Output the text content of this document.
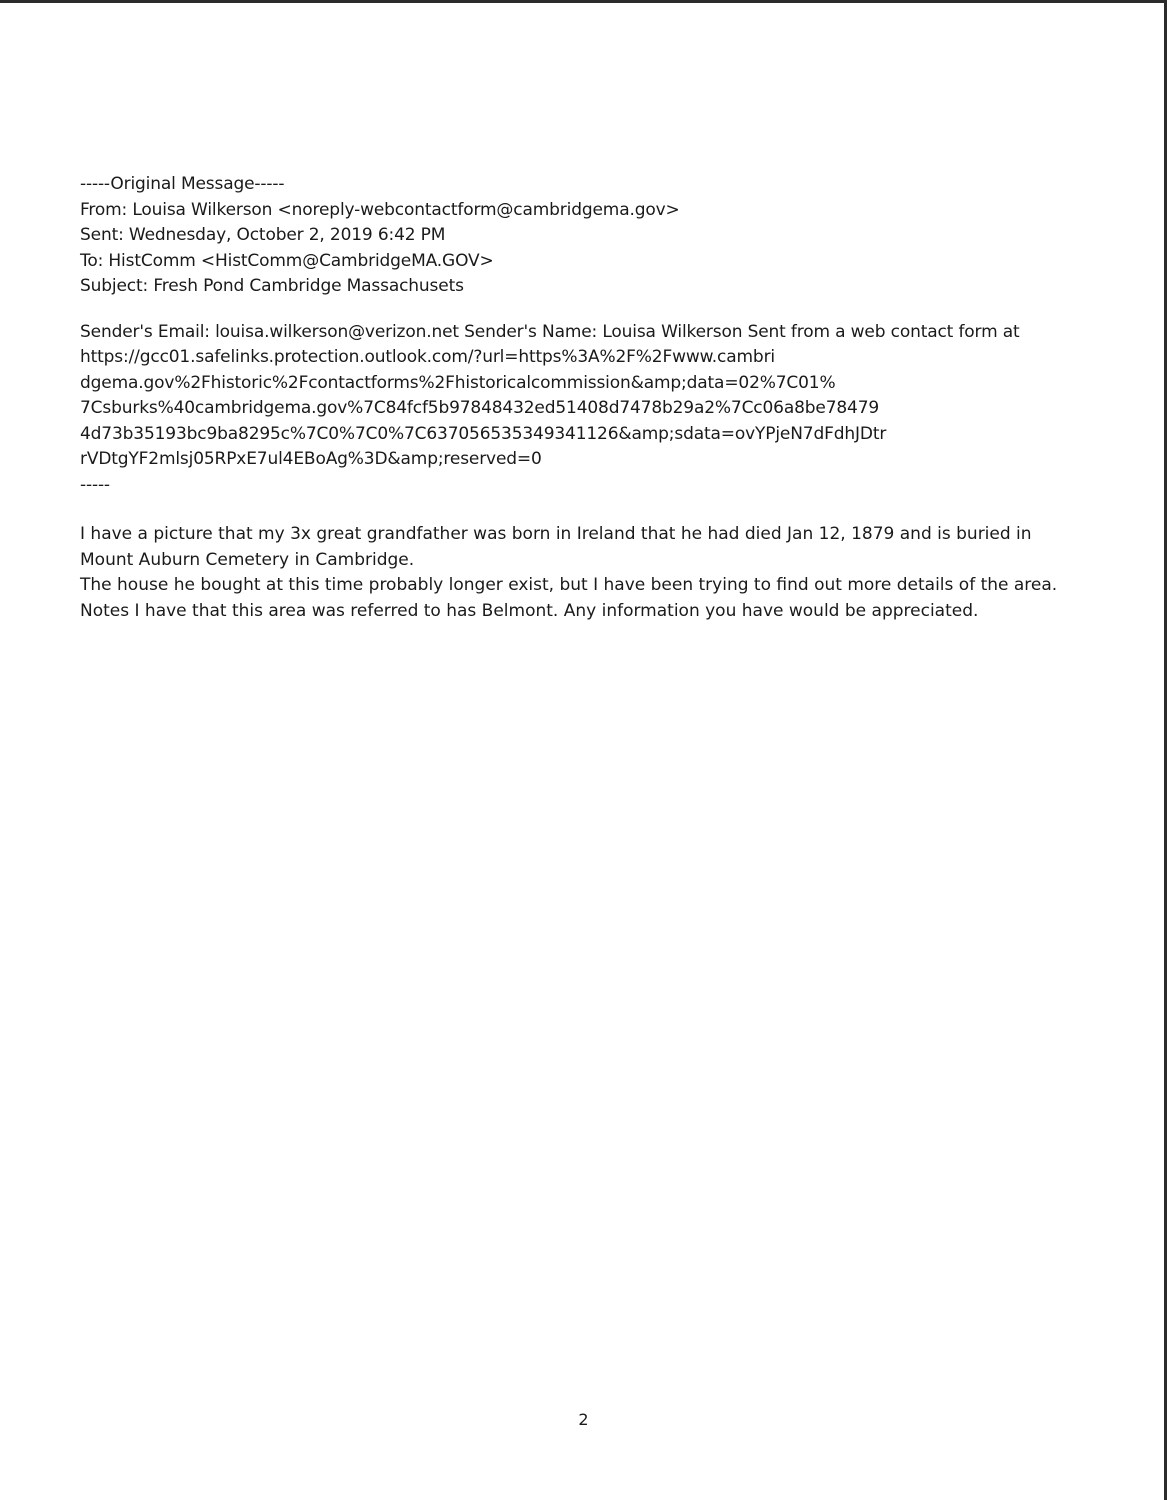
-----Original Message-----
From: Louisa Wilkerson <noreply-webcontactform@cambridgema.gov>
Sent: Wednesday, October 2, 2019 6:42 PM
To: HistComm <HistComm@CambridgeMA.GOV>
Subject: Fresh Pond Cambridge Massachusets
Sender's Email: louisa.wilkerson@verizon.net Sender's Name: Louisa Wilkerson Sent from a web contact form at
https://gcc01.safelinks.protection.outlook.com/?url=https%3A%2F%2Fwww.cambri
dgema.gov%2Fhistoric%2Fcontactforms%2Fhistoricalcommission&amp;data=02%7C01%
7Csburks%40cambridgema.gov%7C84fcf5b97848432ed51408d7478b29a2%7Cc06a8be78479
4d73b35193bc9ba8295c%7C0%7C0%7C637056535349341126&amp;sdata=ovYPjeN7dFdhJDtr
rVDtgYF2mlsj05RPxE7ul4EBoAg%3D&amp;reserved=0
-----
I have a picture that my 3x great grandfather was born in Ireland that he had died Jan 12, 1879 and is buried in Mount Auburn Cemetery in Cambridge.
The house he bought at this time probably longer exist, but I have been trying to find out more details of the area. Notes I have that this area was referred to has Belmont. Any information you have would be appreciated.
2
